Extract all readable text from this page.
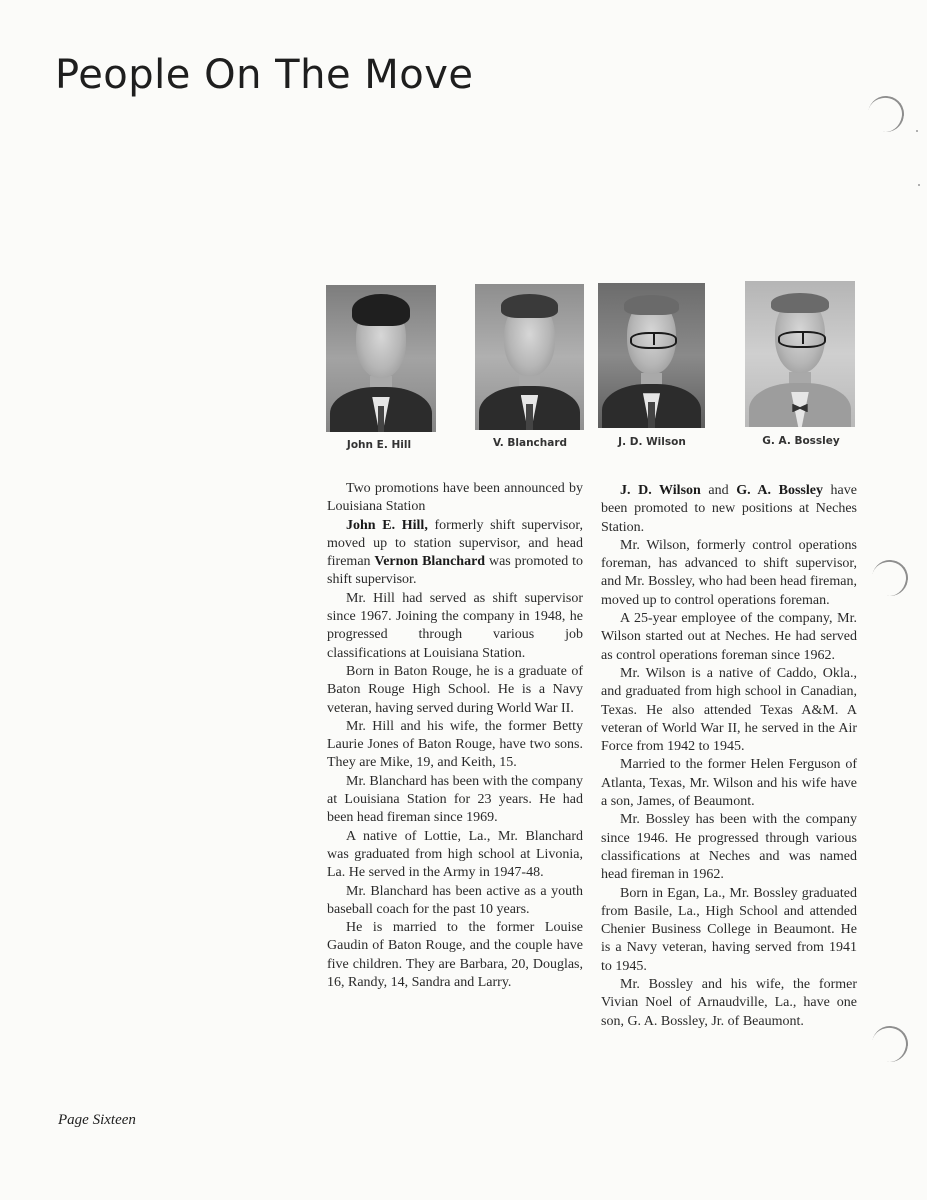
People On The Move
John E. Hill	V. Blanchard	J. D. Wilson	G. A. Bossley

Two promotions have been announced by Louisiana Station

John E. Hill, formerly shift supervisor, moved up to station supervisor, and head fireman Vernon Blanchard was promoted to shift supervisor.

Mr. Hill had served as shift supervisor since 1967. Joining the company in 1948, he progressed through various job classifications at Louisiana Station.

Born in Baton Rouge, he is a graduate of Baton Rouge High School. He is a Navy veteran, having served during World War II.

Mr. Hill and his wife, the former Betty Laurie Jones of Baton Rouge, have two sons. They are Mike, 19, and Keith, 15.

Mr. Blanchard has been with the company at Louisiana Station for 23 years. He had been head fireman since 1969.

A native of Lottie, La., Mr. Blanchard was graduated from high school at Livonia, La. He served in the Army in 1947-48.

Mr. Blanchard has been active as a youth baseball coach for the past 10 years.

He is married to the former Louise Gaudin of Baton Rouge, and the couple have five children. They are Barbara, 20, Douglas, 16, Randy, 14, Sandra and Larry.

J. D. Wilson and G. A. Bossley have been promoted to new positions at Neches Station.

Mr. Wilson, formerly control operations foreman, has advanced to shift supervisor, and Mr. Bossley, who had been head fireman, moved up to control operations foreman.

A 25-year employee of the company, Mr. Wilson started out at Neches. He had served as control operations foreman since 1962.

Mr. Wilson is a native of Caddo, Okla., and graduated from high school in Canadian, Texas. He also attended Texas A&M. A veteran of World War II, he served in the Air Force from 1942 to 1945.

Married to the former Helen Ferguson of Atlanta, Texas, Mr. Wilson and his wife have a son, James, of Beaumont.

Mr. Bossley has been with the company since 1946. He progressed through various classifications at Neches and was named head fireman in 1962.

Born in Egan, La., Mr. Bossley graduated from Basile, La., High School and attended Chenier Business College in Beaumont. He is a Navy veteran, having served from 1941 to 1945.

Mr. Bossley and his wife, the former Vivian Noel of Arnaudville, La., have one son, G. A. Bossley, Jr. of Beaumont.

Page Sixteen
